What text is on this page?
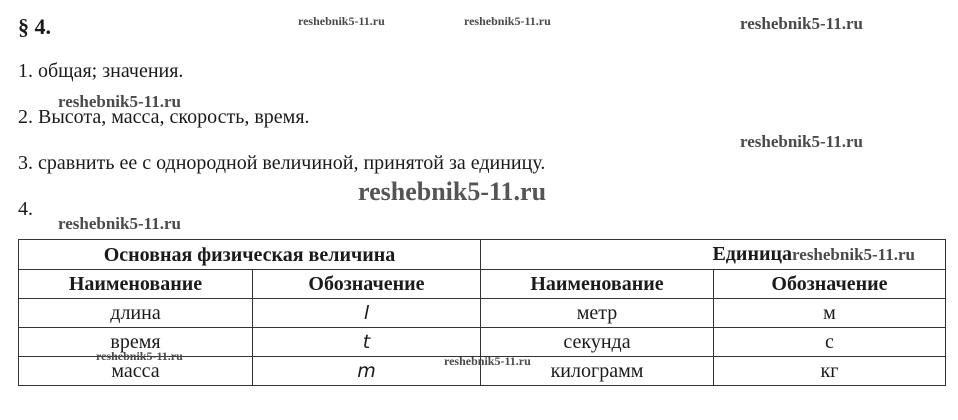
§ 4.
1. общая; значения.
2. Высота, масса, скорость, время.
3. сравнить ее с однородной величиной, принятой за единицу.
4.
reshebnik5-11.ru	reshebnik5-11.ru	reshebnik5-11.ru
reshebnik5-11.ru
reshebnik5-11.ru
reshebnik5-11.ru
reshebnik5-11.ru
Основная физическая величина		Единицаreshebnik5-11.ru	
Наименование	Обозначение	Наименование	Обозначение
длина	l	метр	м
время	t	секунда	с
масса	m	килограмм	кг
reshebnik5-11.ru	reshebnik5-11.ru
